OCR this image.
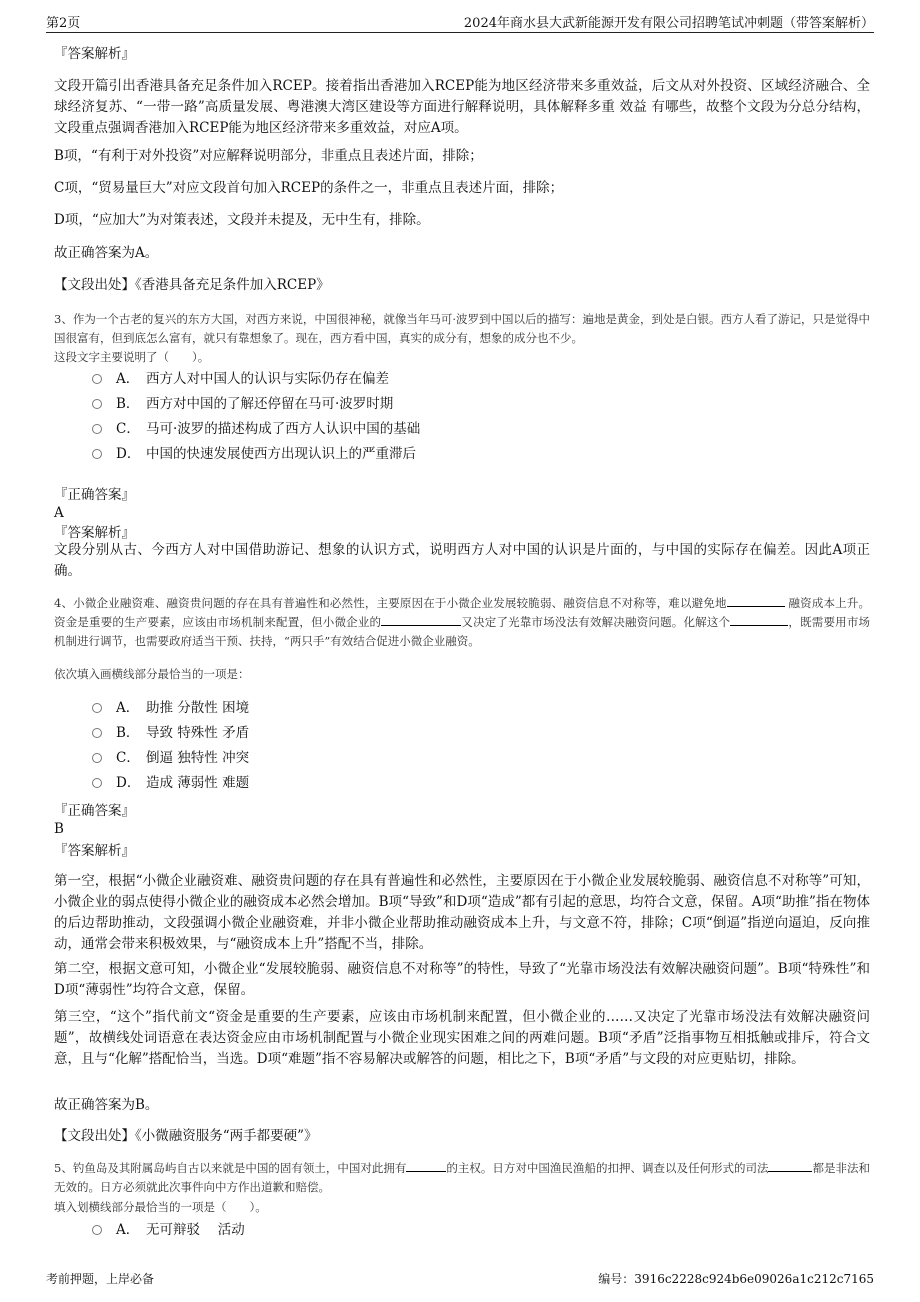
第2页	2024年商水县大武新能源开发有限公司招聘笔试冲刺题（带答案解析）
『答案解析』
文段开篇引出香港具备充足条件加入RCEP。接着指出香港加入RCEP能为地区经济带来多重效益，后文从对外投资、区域经济融合、全球经济复苏、“一带一路”高质量发展、粤港澳大湾区建设等方面进行解释说明，具体解释多重 效益 有哪些，故整个文段为分总分结构，文段重点强调香港加入RCEP能为地区经济带来多重效益，对应A项。
B项，“有利于对外投资”对应解释说明部分，非重点且表述片面，排除；
C项，“贸易量巨大”对应文段首句加入RCEP的条件之一，非重点且表述片面，排除；
D项，“应加大”为对策表述，文段并未提及，无中生有，排除。
故正确答案为A。
【文段出处】《香港具备充足条件加入RCEP》
3、作为一个古老的复兴的东方大国，对西方来说，中国很神秘，就像当年马可·波罗到中国以后的描写：遍地是黄金，到处是白银。西方人看了游记，只是觉得中国很富有，但到底怎么富有，就只有靠想象了。现在，西方看中国，真实的成分有，想象的成分也不少。
这段文字主要说明了（　　）。
A． 西方人对中国人的认识与实际仍存在偏差
B． 西方对中国的了解还停留在马可·波罗时期
C． 马可·波罗的描述构成了西方人认识中国的基础
D． 中国的快速发展使西方出现认识上的严重滞后
『正确答案』
A
『答案解析』
文段分别从古、今西方人对中国借助游记、想象的认识方式，说明西方人对中国的认识是片面的，与中国的实际存在偏差。因此A项正确。
4、小微企业融资难、融资贵问题的存在具有普遍性和必然性，主要原因在于小微企业发展较脆弱、融资信息不对称等，难以避免地	融资成本上升。资金是重要的生产要素，应该由市场机制来配置，但小微企业的	又决定了光靠市场没法有效解决融资问题。化解这个	，既需要用市场机制进行调节，也需要政府适当干预、扶持，“两只手”有效结合促进小微企业融资。
依次填入画横线部分最恰当的一项是：
A． 助推 分散性 困境
B． 导致 特殊性 矛盾
C． 倒逼 独特性 冲突
D． 造成 薄弱性 难题
『正确答案』
B
『答案解析』
第一空，根据“小微企业融资难、融资贵问题的存在具有普遍性和必然性，主要原因在于小微企业发展较脆弱、融资信息不对称等”可知，小微企业的弱点使得小微企业的融资成本必然会增加。B项“导致”和D项“造成”都有引起的意思，均符合文意，保留。A项“助推”指在物体的后边帮助推动，文段强调小微企业融资难，并非小微企业帮助推动融资成本上升，与文意不符，排除；C项“倒逼”指逆向逼迫，反向推动，通常会带来积极效果，与“融资成本上升”搭配不当，排除。
第二空，根据文意可知，小微企业“发展较脆弱、融资信息不对称等”的特性，导致了“光靠市场没法有效解决融资问题”。B项“特殊性”和D项“薄弱性”均符合文意，保留。
第三空，“这个”指代前文“资金是重要的生产要素，应该由市场机制来配置，但小微企业的……又决定了光靠市场没法有效解决融资问题”，故横线处词语意在表达资金应由市场机制配置与小微企业现实困难之间的两难问题。B项“矛盾”泛指事物互相抵触或排斥，符合文意，且与“化解”搭配恰当，当选。D项“难题”指不容易解决或解答的问题，相比之下，B项“矛盾”与文段的对应更贴切，排除。
故正确答案为B。
【文段出处】《小微融资服务“两手都要硬”》
5、钓鱼岛及其附属岛屿自古以来就是中国的固有领土，中国对此拥有	的主权。日方对中国渔民渔船的扣押、调查以及任何形式的司法	都是非法和无效的。日方必须就此次事件向中方作出道歉和赔偿。
填入划横线部分最恰当的一项是（　　）。
A． 无可辩驳　 活动
考前押题，上岸必备	编号：3916c2228c924b6e09026a1c212c7165
